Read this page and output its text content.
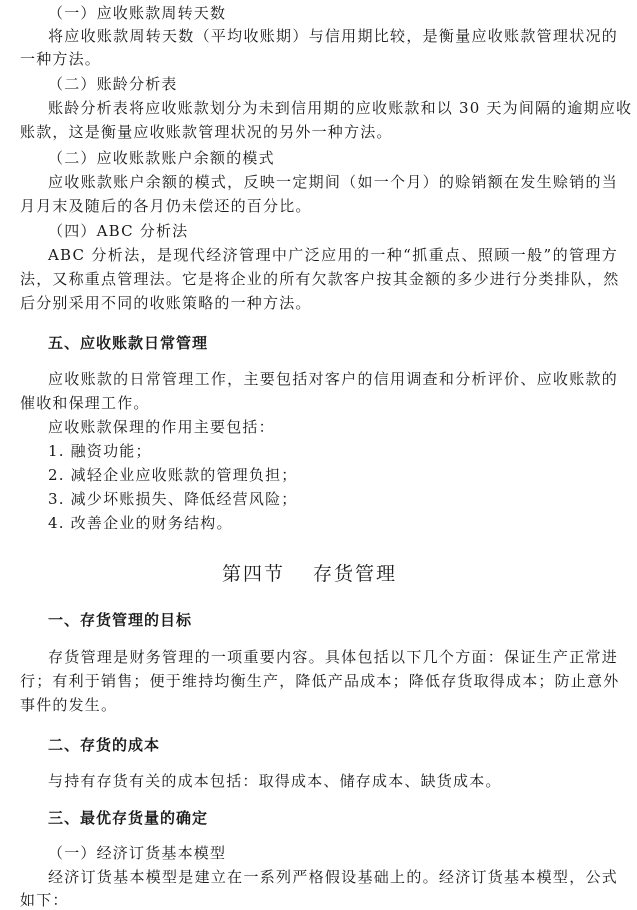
（一）应收账款周转天数
将应收账款周转天数（平均收账期）与信用期比较，是衡量应收账款管理状况的
一种方法。
（二）账龄分析表
账龄分析表将应收账款划分为未到信用期的应收账款和以 30 天为间隔的逾期应收
账款，这是衡量应收账款管理状况的另外一种方法。
（二）应收账款账户余额的模式
应收账款账户余额的模式，反映一定期间（如一个月）的赊销额在发生赊销的当
月月末及随后的各月仍未偿还的百分比。
（四）ABC 分析法
ABC 分析法，是现代经济管理中广泛应用的一种“抓重点、照顾一般”的管理方
法，又称重点管理法。它是将企业的所有欠款客户按其金额的多少进行分类排队，然
后分别采用不同的收账策略的一种方法。
五、应收账款日常管理
应收账款的日常管理工作，主要包括对客户的信用调查和分析评价、应收账款的
催收和保理工作。
应收账款保理的作用主要包括：
1. 融资功能；
2. 减轻企业应收账款的管理负担；
3. 减少坏账损失、降低经营风险；
4. 改善企业的财务结构。
第四节 存货管理
一、存货管理的目标
存货管理是财务管理的一项重要内容。具体包括以下几个方面：保证生产正常进
行；有利于销售；便于维持均衡生产，降低产品成本；降低存货取得成本；防止意外
事件的发生。
二、存货的成本
与持有存货有关的成本包括：取得成本、储存成本、缺货成本。
三、最优存货量的确定
（一）经济订货基本模型
经济订货基本模型是建立在一系列严格假设基础上的。经济订货基本模型，公式
如下：
